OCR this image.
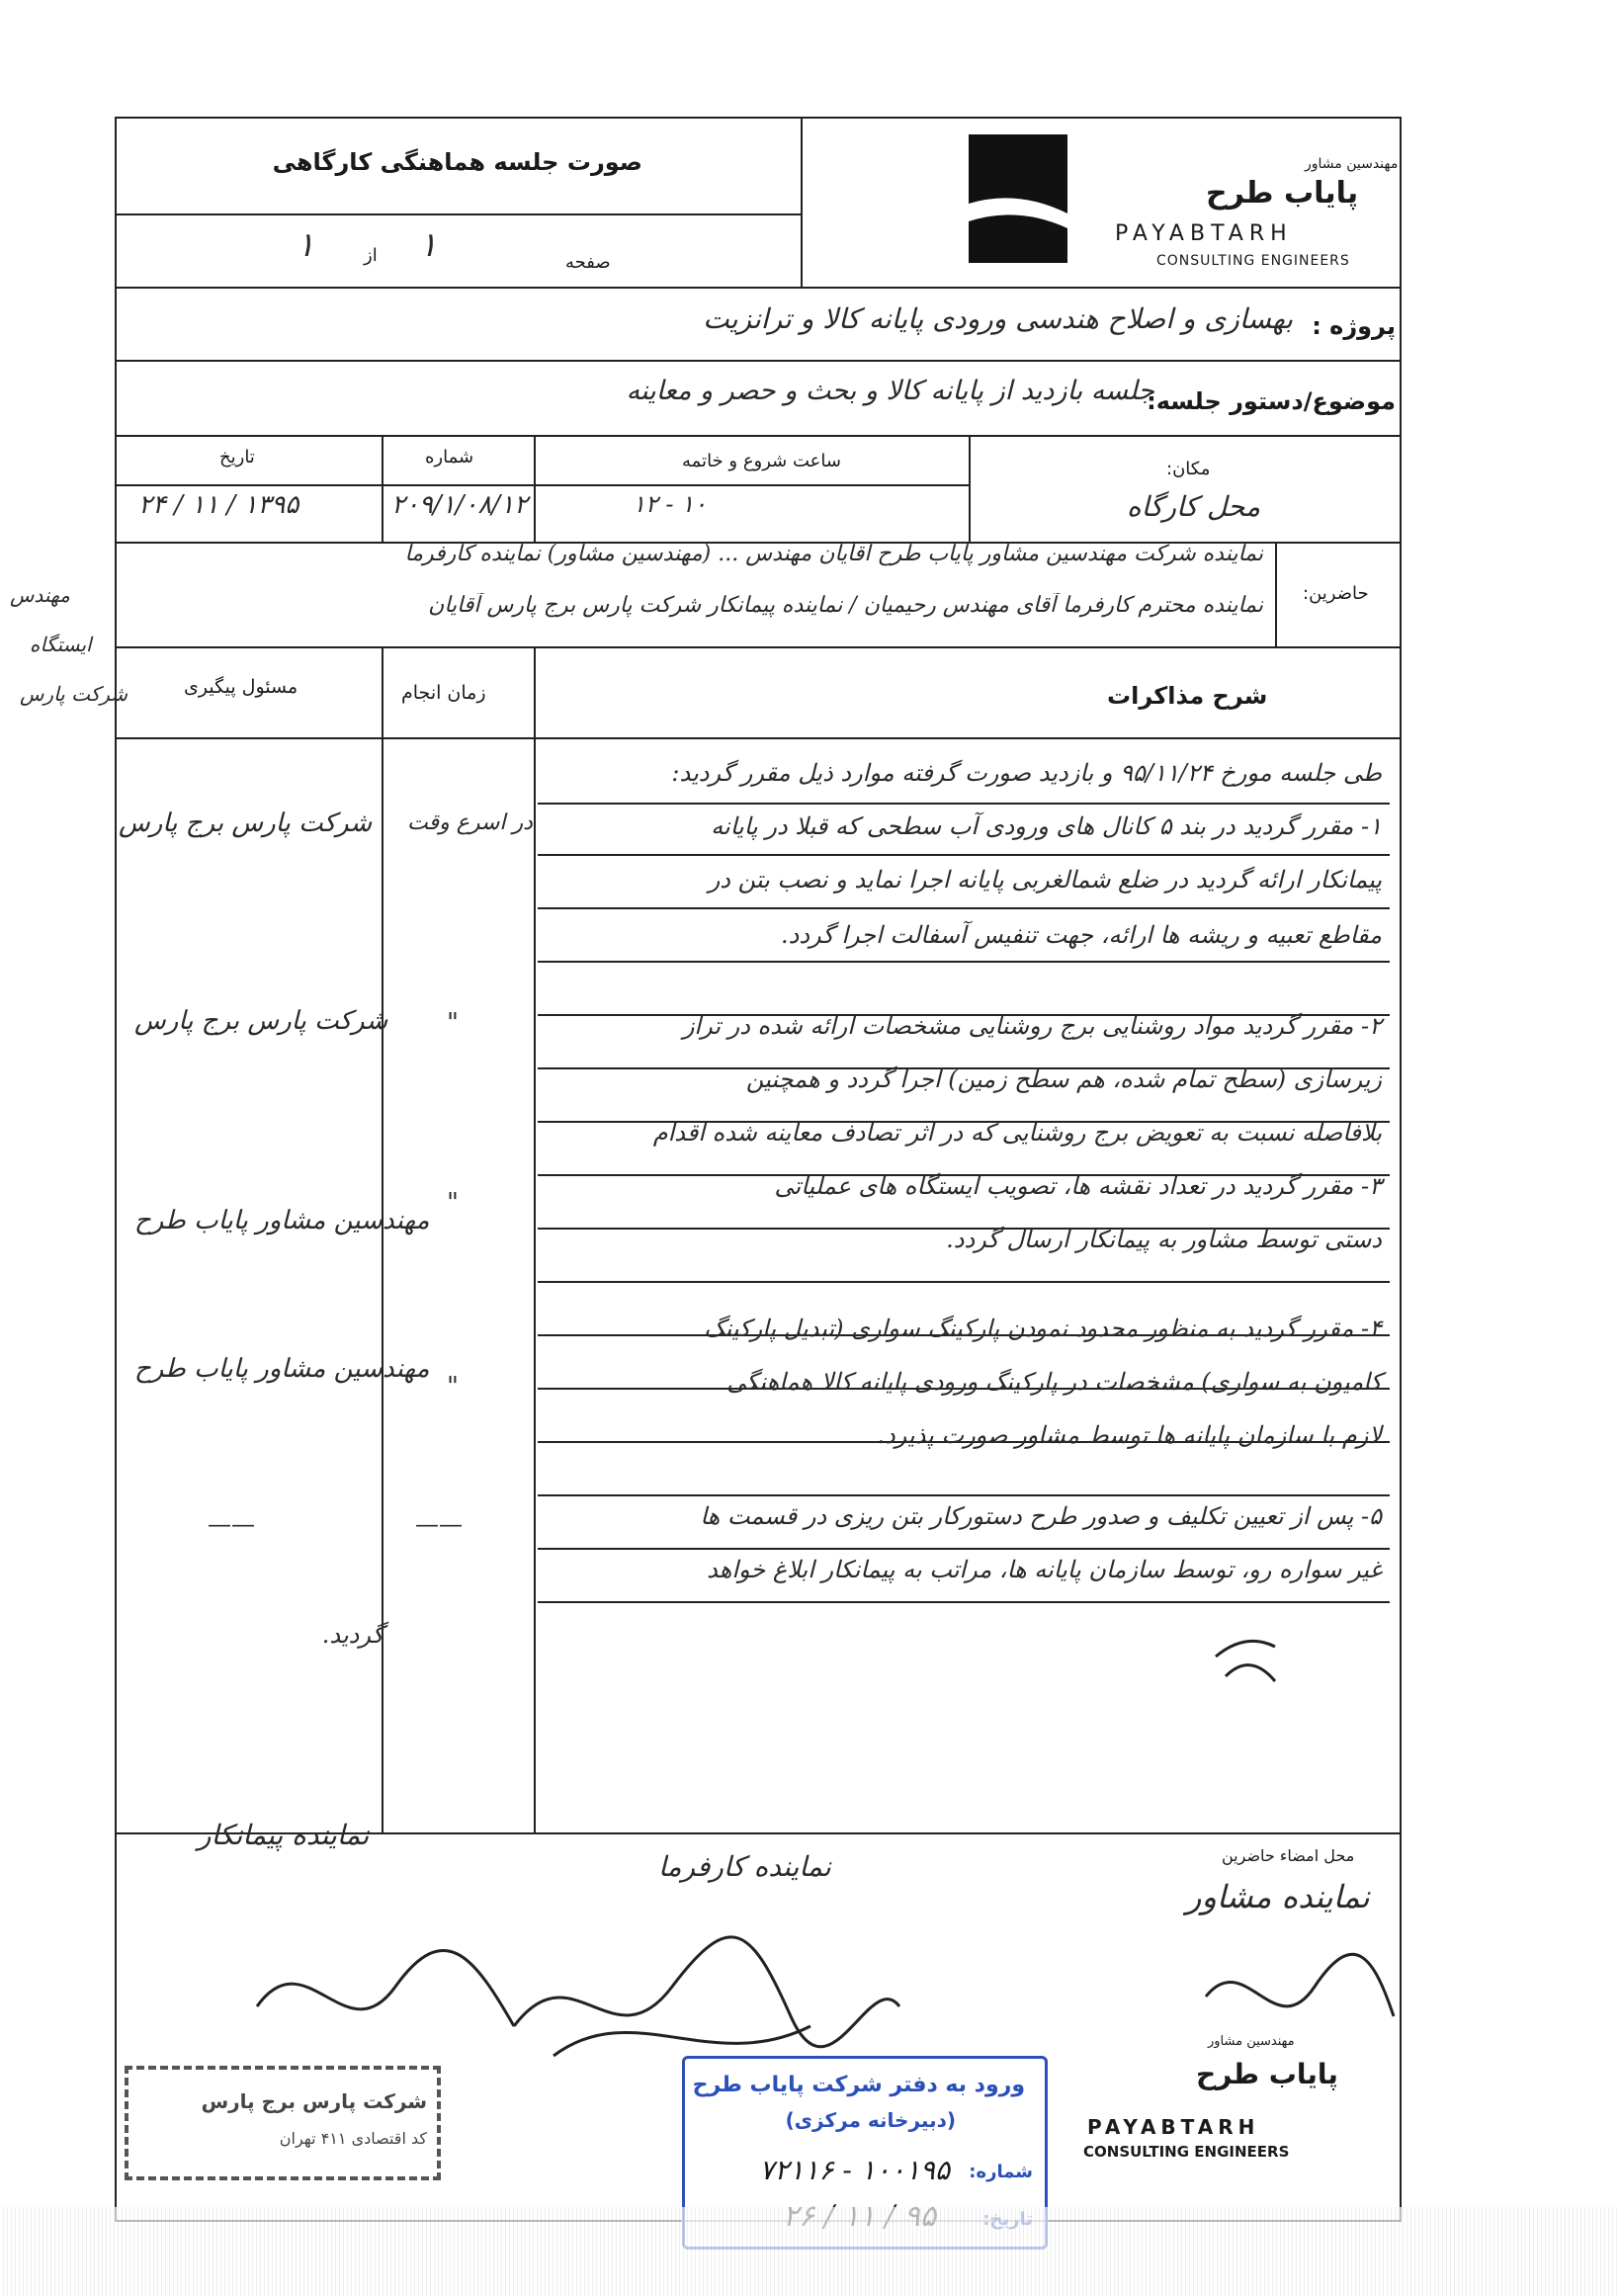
صورت جلسه هماهنگی کارگاهی
صفحه
۱
از
۱
مهندسین مشاور
پایاب طرح
PAYABTARH
CONSULTING ENGINEERS
پروژه :
بهسازی و اصلاح هندسی ورودی پایانه کالا و ترانزیت
موضوع/دستور جلسه:
جلسه بازدید از پایانه کالا و بحث و حصر و معاینه
تاریخ
۱۳۹۵ / ۱۱ / ۲۴
شماره
۲۰۹/۱/۰۸/۱۲
ساعت شروع و خاتمه
۱۰ - ۱۲
مکان:
محل کارگاه
حاضرین:
نماینده شرکت مهندسین مشاور پایاب طرح آقایان مهندس ... (مهندسین مشاور) نماینده کارفرما
نماینده محترم کارفرما آقای مهندس رحیمیان / نماینده پیمانکار شرکت پارس برج پارس آقایان
مسئول پیگیری	زمان انجام	شرح مذاکرات
طی جلسه مورخ ۹۵/۱۱/۲۴ و بازدید صورت گرفته موارد ذیل مقرر گردید:
۱- مقرر گردید در بند ۵ کانال های ورودی آب سطحی که قبلا در پایانه
پیمانکار ارائه گردید در ضلع شمالغربی پایانه اجرا نماید و نصب بتن در
مقاطع تعبیه و ریشه ها ارائه، جهت تنفیس آسفالت اجرا گردد.
۲- مقرر گردید مواد روشنایی برج روشنایی مشخصات ارائه شده در تراز
زیرسازی (سطح تمام شده، هم سطح زمین) اجرا گردد و همچنین
بلافاصله نسبت به تعویض برج روشنایی که در اثر تصادف معاینه شده اقدام
۳- مقرر گردید در تعداد نقشه ها، تصویب ایستگاه های عملیاتی
دستی توسط مشاور به پیمانکار ارسال گردد.
۴- مقرر گردید به منظور محدود نمودن پارکینگ سواری (تبدیل پارکینگ
کامیون به سواری) مشخصات در پارکینگ ورودی پایانه کالا هماهنگی
لازم با سازمان پایانه ها توسط مشاور صورت پذیرد.
۵- پس از تعیین تکلیف و صدور طرح دستورکار بتن ریزی در قسمت ها
غیر سواره رو، توسط سازمان پایانه ها، مراتب به پیمانکار ابلاغ خواهد
گردید.
در اسرع وقت
شرکت پارس برج پارس
"
شرکت پارس برج پارس
"
مهندسین مشاور پایاب طرح
"
مهندسین مشاور پایاب طرح
——
——
محل امضاء حاضرین
نماینده مشاور
نماینده کارفرما
نماینده پیمانکار
مهندسین مشاور
پایاب طرح
PAYABTARH
CONSULTING ENGINEERS
ورود به دفتر شرکت پایاب طرح
(دبیرخانه مرکزی)
شماره:
۱۰۰۱۹۵ - ۷۲۱۱۶
شرکت پارس برج پارس
کد اقتصادی ۴۱۱ تهران
مهندس
ایستگاه
شرکت پارس
